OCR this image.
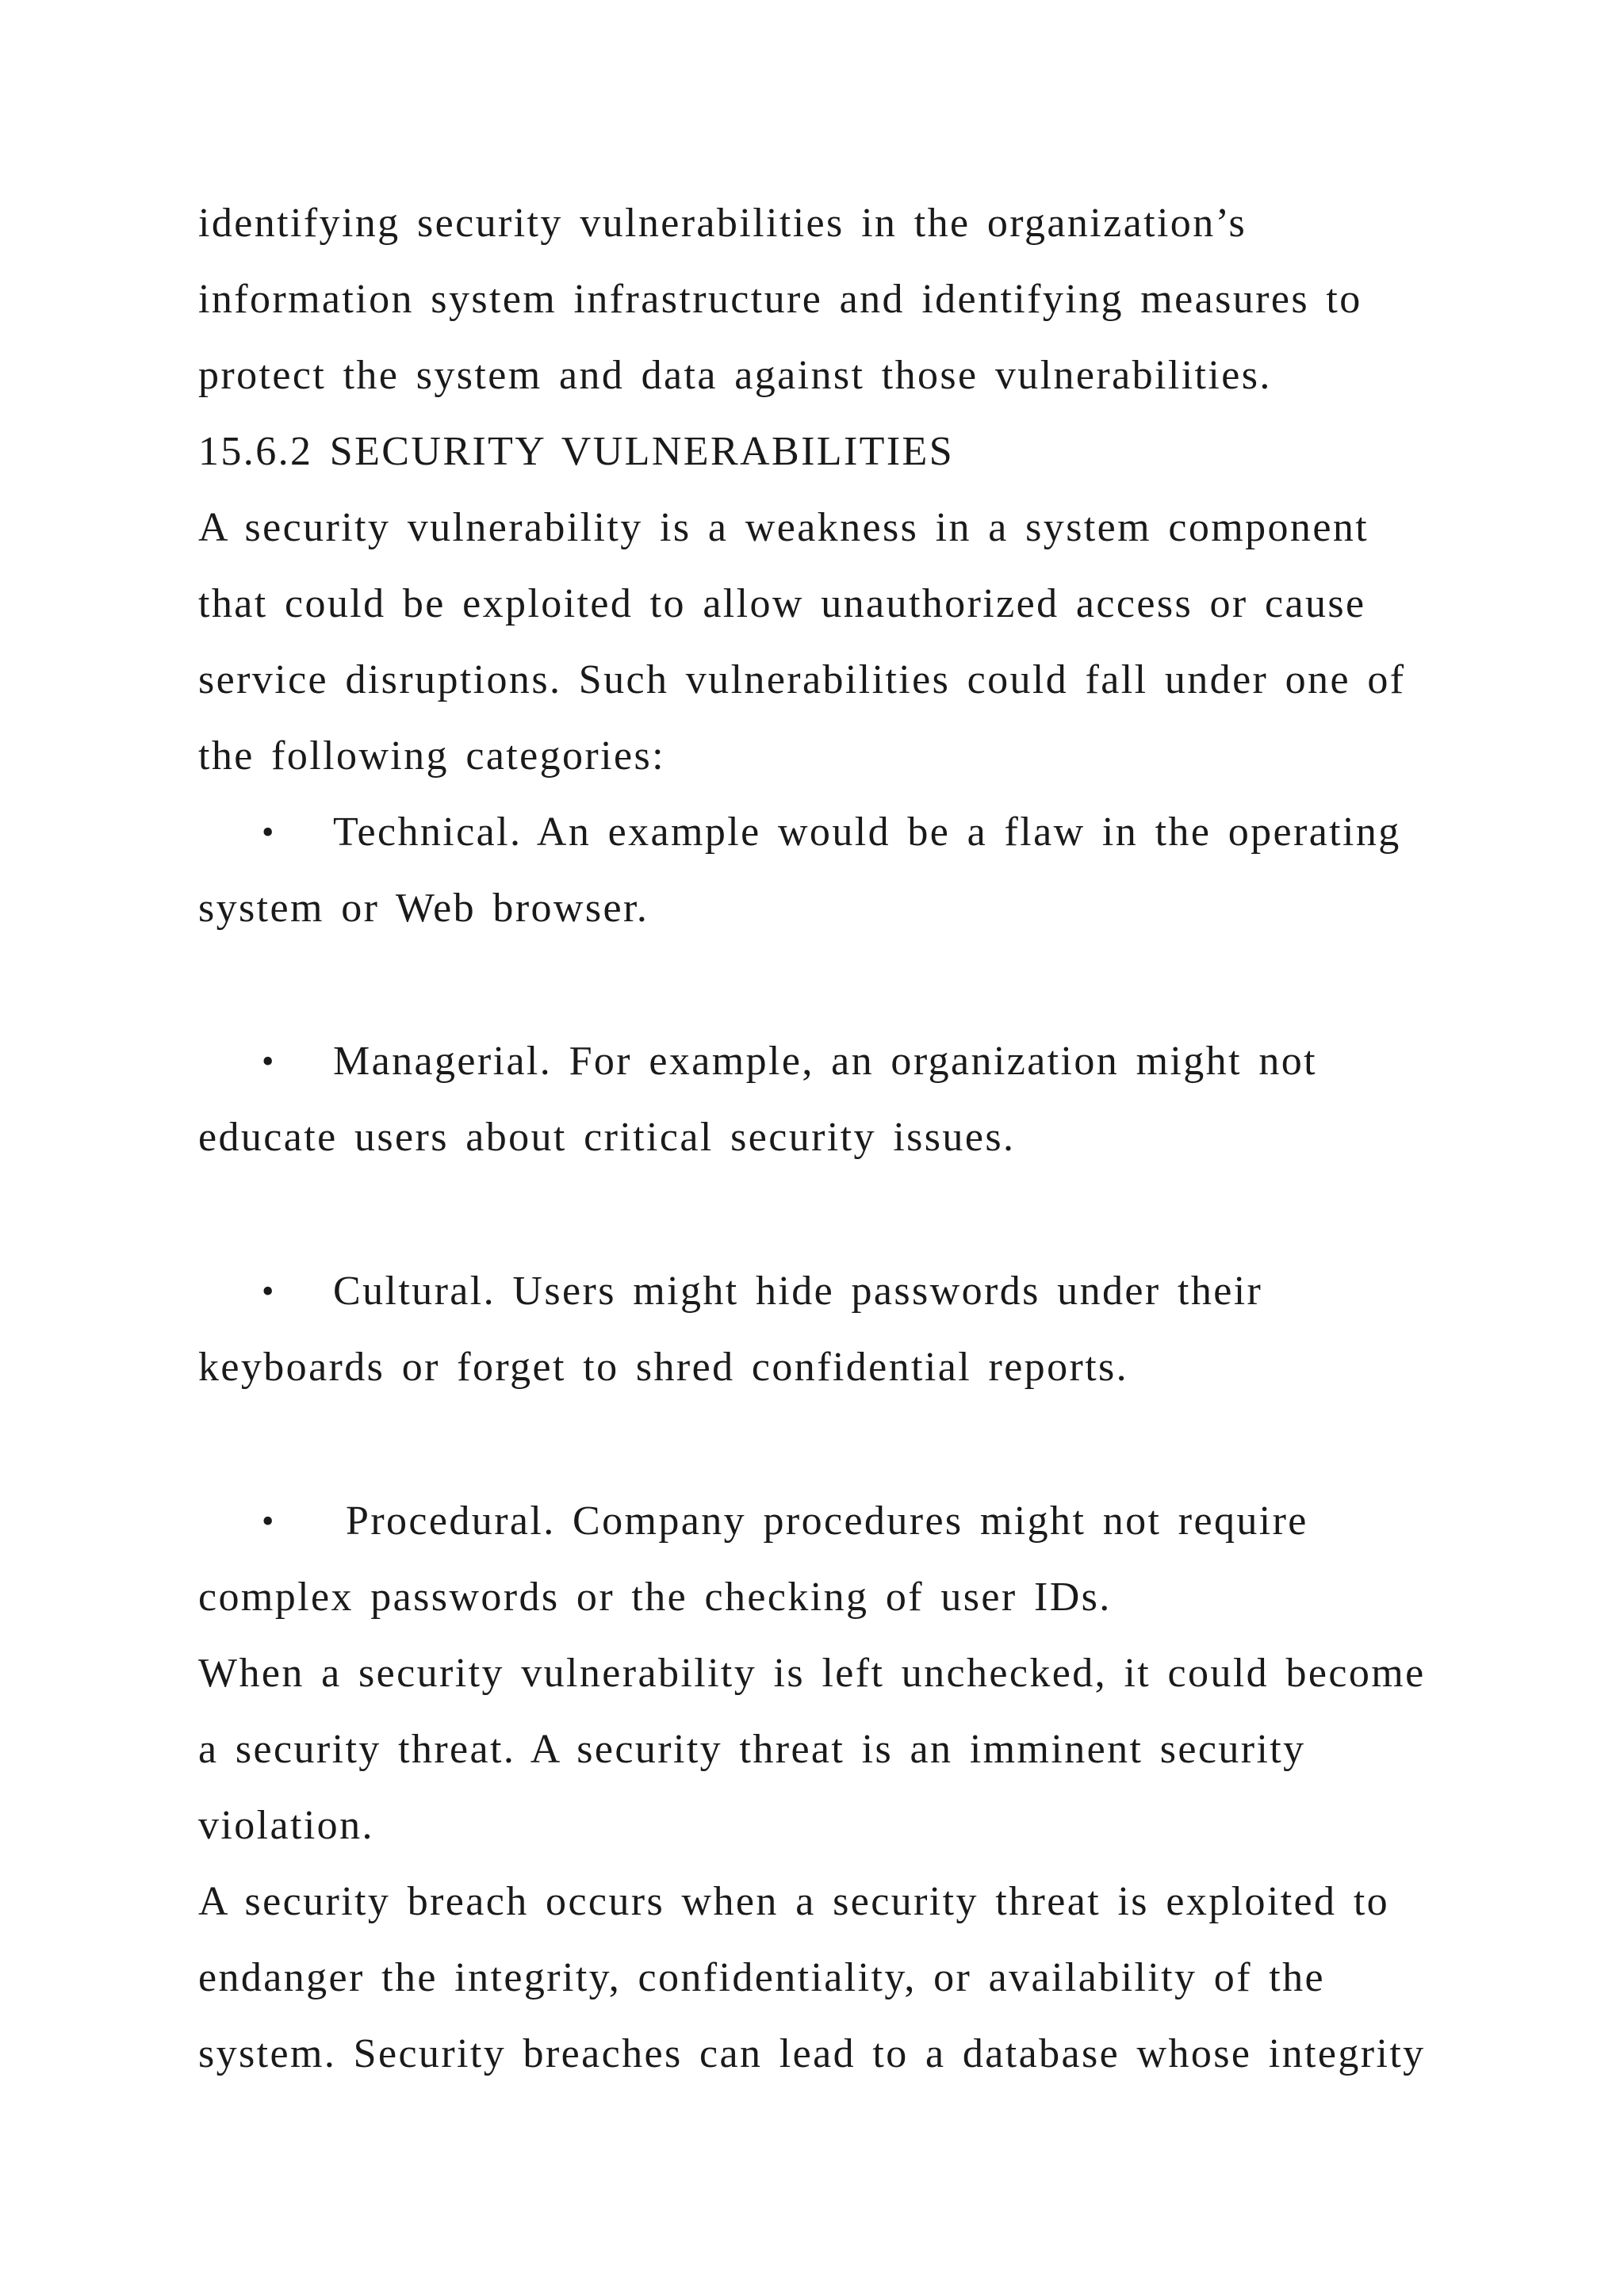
identifying security vulnerabilities in the organization’s
information system infrastructure and identifying measures to
protect the system and data against those vulnerabilities.
15.6.2 SECURITY VULNERABILITIES
A security vulnerability is a weakness in a system component
that could be exploited to allow unauthorized access or cause
service disruptions. Such vulnerabilities could fall under one of
the following categories:
• Technical. An example would be a flaw in the operating
system or Web browser.
• Managerial. For example, an organization might not
educate users about critical security issues.
• Cultural. Users might hide passwords under their
keyboards or forget to shred confidential reports.
• Procedural. Company procedures might not require
complex passwords or the checking of user IDs.
When a security vulnerability is left unchecked, it could become
a security threat. A security threat is an imminent security
violation.
A security breach occurs when a security threat is exploited to
endanger the integrity, confidentiality, or availability of the
system. Security breaches can lead to a database whose integrity
